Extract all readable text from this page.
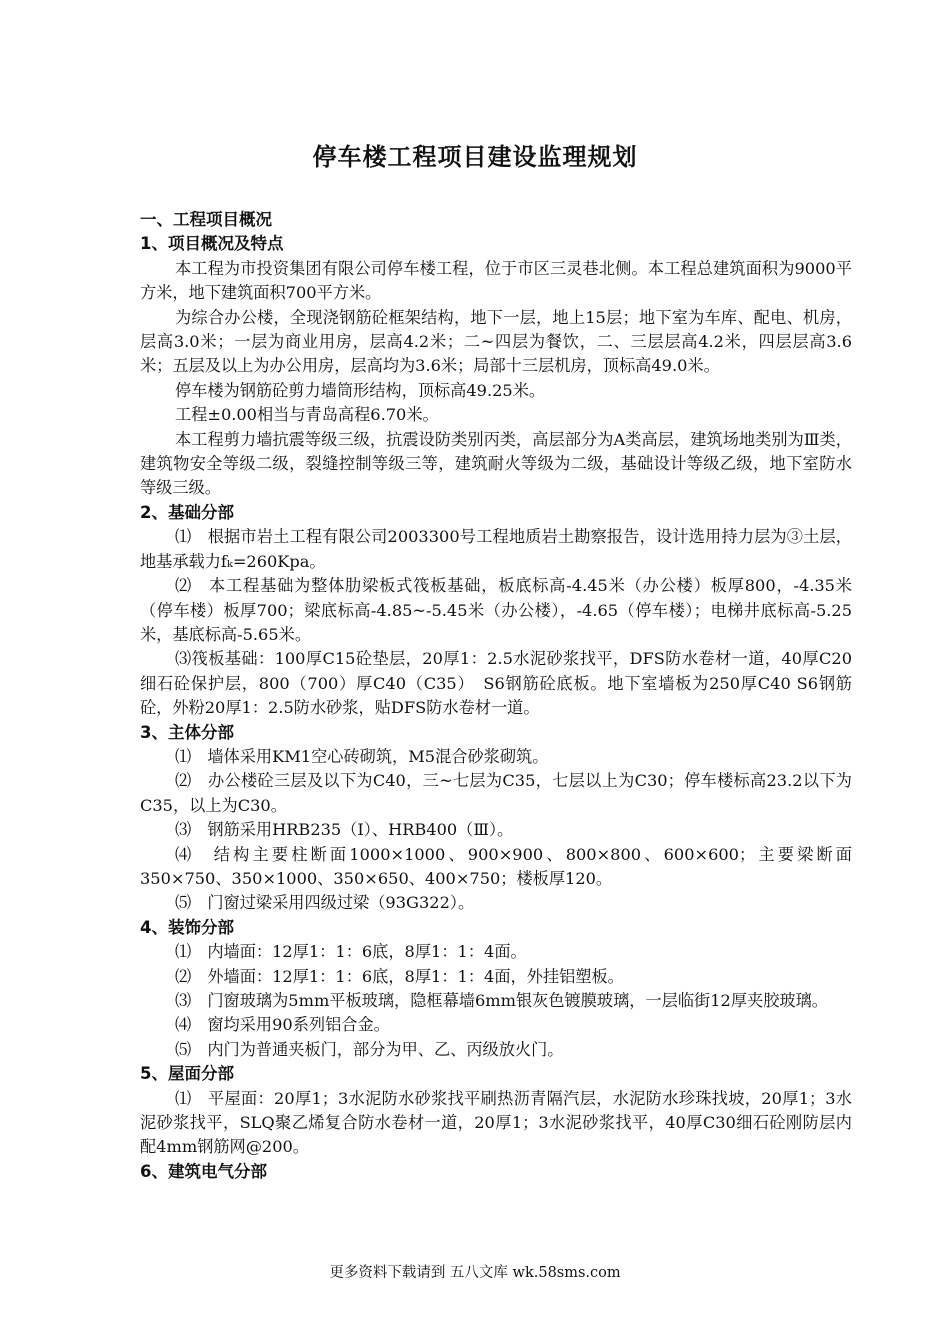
停车楼工程项目建设监理规划
一、工程项目概况
1、项目概况及特点
本工程为市投资集团有限公司停车楼工程，位于市区三灵巷北侧。本工程总建筑面积为9000平方米，地下建筑面积700平方米。
为综合办公楼，全现浇钢筋砼框架结构，地下一层，地上15层；地下室为车库、配电、机房，层高3.0米；一层为商业用房，层高4.2米；二~四层为餐饮，二、三层层高4.2米，四层层高3.6米；五层及以上为办公用房，层高均为3.6米；局部十三层机房，顶标高49.0米。
停车楼为钢筋砼剪力墙筒形结构，顶标高49.25米。
工程±0.00相当与青岛高程6.70米。
本工程剪力墙抗震等级三级，抗震设防类别丙类，高层部分为A类高层，建筑场地类别为Ⅲ类，建筑物安全等级二级，裂缝控制等级三等，建筑耐火等级为二级，基础设计等级乙级，地下室防水等级三级。
2、基础分部
⑴　根据市岩土工程有限公司2003300号工程地质岩土勘察报告，设计选用持力层为③土层，地基承载力fₖ=260Kpa。
⑵　本工程基础为整体肋梁板式筏板基础，板底标高-4.45米（办公楼）板厚800，-4.35米（停车楼）板厚700；梁底标高-4.85~-5.45米（办公楼），-4.65（停车楼）；电梯井底标高-5.25米，基底标高-5.65米。
⑶筏板基础：100厚C15砼垫层，20厚1：2.5水泥砂浆找平，DFS防水卷材一道，40厚C20细石砼保护层，800（700）厚C40（C35）　S6钢筋砼底板。地下室墙板为250厚C40 S6钢筋砼，外粉20厚1：2.5防水砂浆，贴DFS防水卷材一道。
3、主体分部
⑴　墙体采用KM1空心砖砌筑，M5混合砂浆砌筑。
⑵　办公楼砼三层及以下为C40，三~七层为C35，七层以上为C30；停车楼标高23.2以下为C35，以上为C30。
⑶　钢筋采用HRB235（Ⅰ）、HRB400（Ⅲ）。
⑷　结构主要柱断面1000×1000、900×900、800×800、600×600；主要梁断面350×750、350×1000、350×650、400×750；楼板厚120。
⑸　门窗过梁采用四级过梁（93G322）。
4、装饰分部
⑴　内墙面：12厚1：1：6底，8厚1：1：4面。
⑵　外墙面：12厚1：1：6底，8厚1：1：4面，外挂铝塑板。
⑶　门窗玻璃为5mm平板玻璃，隐框幕墙6mm银灰色镀膜玻璃，一层临街12厚夹胶玻璃。
⑷　窗均采用90系列铝合金。
⑸　内门为普通夹板门，部分为甲、乙、丙级放火门。
5、屋面分部
⑴　平屋面：20厚1；3水泥防水砂浆找平刷热沥青隔汽层，水泥防水珍珠找坡，20厚1；3水泥砂浆找平，SLQ聚乙烯复合防水卷材一道，20厚1；3水泥砂浆找平，40厚C30细石砼刚防层内配4mm钢筋网@200。
6、建筑电气分部
更多资料下载请到 五八文库 wk.58sms.com
